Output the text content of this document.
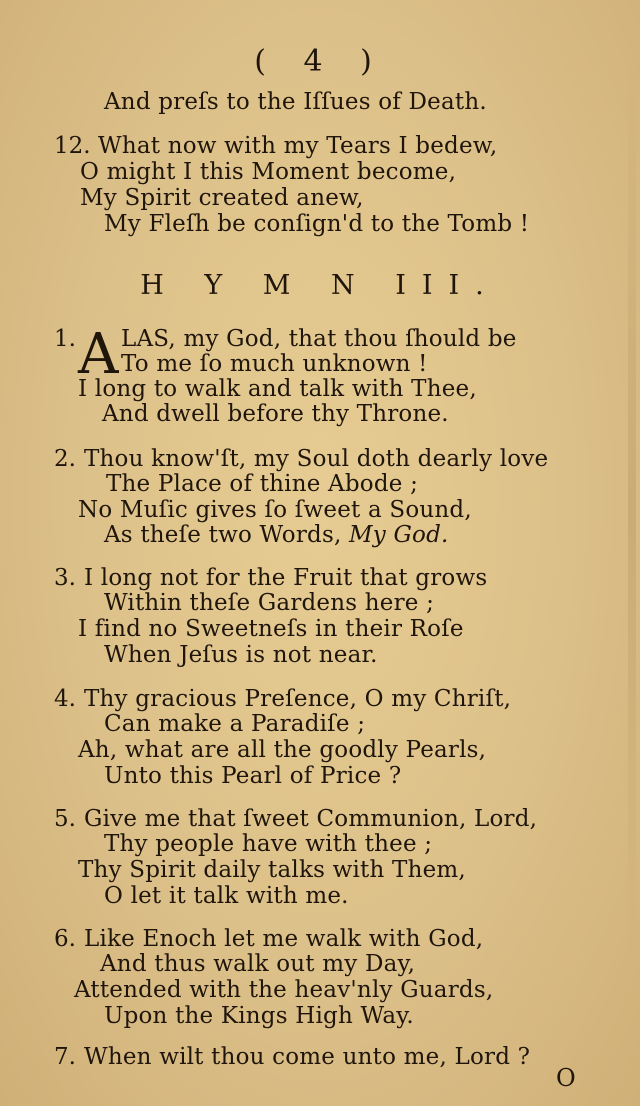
( 4 )
And preſs to the Iſſues of Death.
12. What now with my Tears I bedew,
O might I this Moment become,
My Spirit created anew,
My Fleſh be conſign'd to the Tomb !
H Y M N III.
1. A LAS, my God, that thou ſhould be
To me ſo much unknown !
I long to walk and talk with Thee,
And dwell before thy Throne.
2. Thou know'ſt, my Soul doth dearly love
The Place of thine Abode ;
No Muſic gives ſo ſweet a Sound,
As theſe two Words, My God.
3. I long not for the Fruit that grows
Within theſe Gardens here ;
I find no Sweetneſs in their Roſe
When Jeſus is not near.
4. Thy gracious Preſence, O my Chriſt,
Can make a Paradiſe ;
Ah, what are all the goodly Pearls,
Unto this Pearl of Price ?
5. Give me that ſweet Communion, Lord,
Thy people have with thee ;
Thy Spirit daily talks with Them,
O let it talk with me.
6. Like Enoch let me walk with God,
And thus walk out my Day,
Attended with the heav'nly Guards,
Upon the Kings High Way.
7. When wilt thou come unto me, Lord ?
O
